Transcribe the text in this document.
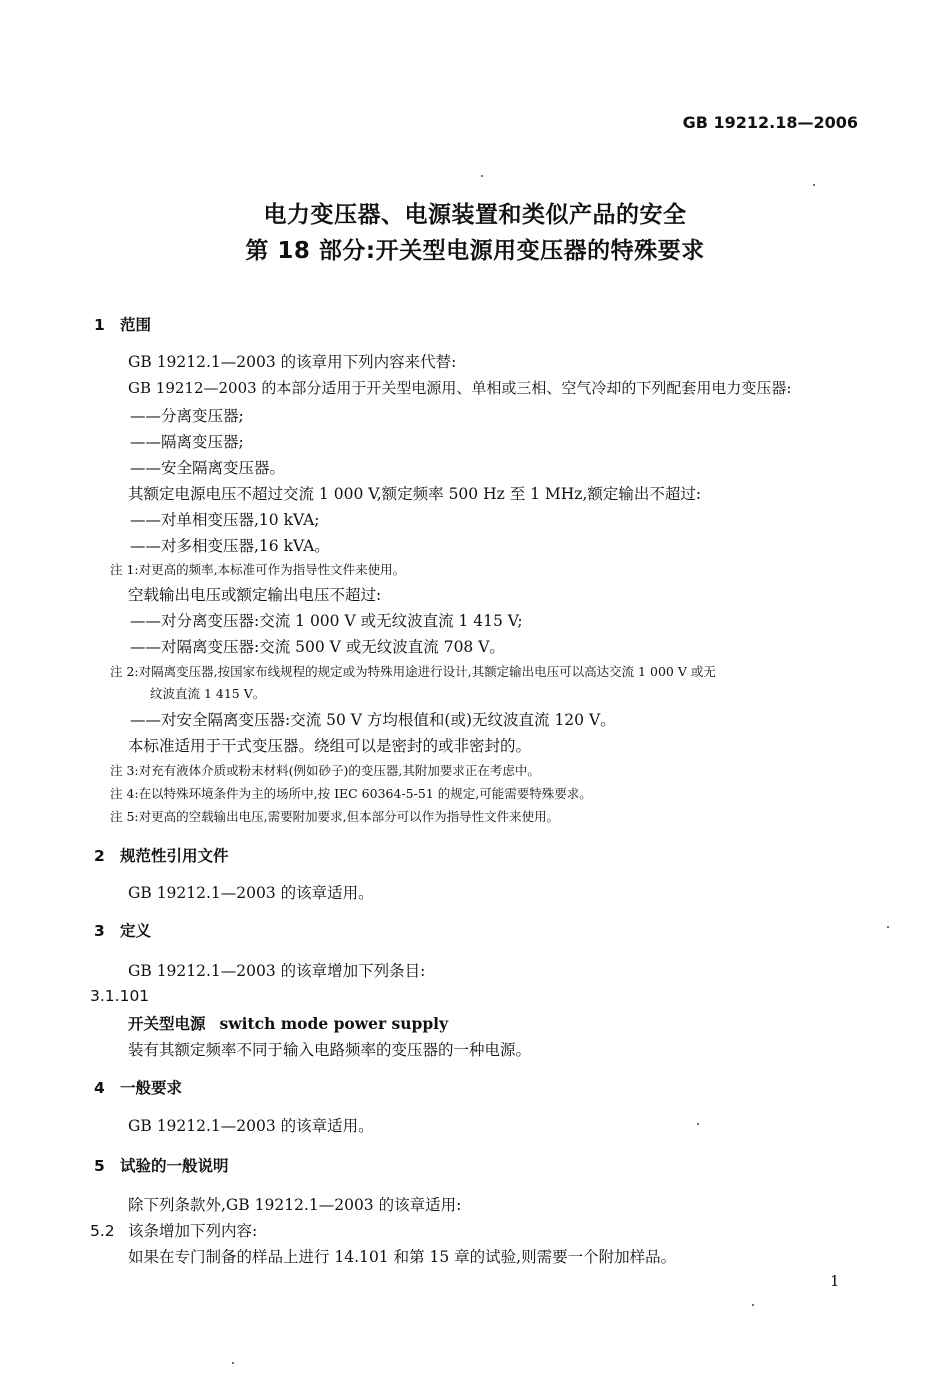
GB 19212.18—2006
电力变压器、电源装置和类似产品的安全
第 18 部分:开关型电源用变压器的特殊要求
1 范围
GB 19212.1—2003 的该章用下列内容来代替:
GB 19212—2003 的本部分适用于开关型电源用、单相或三相、空气冷却的下列配套用电力变压器:
——分离变压器;
——隔离变压器;
——安全隔离变压器。
其额定电源电压不超过交流 1 000 V,额定频率 500 Hz 至 1 MHz,额定输出不超过:
——对单相变压器,10 kVA;
——对多相变压器,16 kVA。
注 1:对更高的频率,本标准可作为指导性文件来使用。
空载输出电压或额定输出电压不超过:
——对分离变压器:交流 1 000 V 或无纹波直流 1 415 V;
——对隔离变压器:交流 500 V 或无纹波直流 708 V。
注 2:对隔离变压器,按国家布线规程的规定或为特殊用途进行设计,其额定输出电压可以高达交流 1 000 V 或无
纹波直流 1 415 V。
——对安全隔离变压器:交流 50 V 方均根值和(或)无纹波直流 120 V。
本标准适用于干式变压器。绕组可以是密封的或非密封的。
注 3:对充有液体介质或粉末材料(例如砂子)的变压器,其附加要求正在考虑中。
注 4:在以特殊环境条件为主的场所中,按 IEC 60364-5-51 的规定,可能需要特殊要求。
注 5:对更高的空载输出电压,需要附加要求,但本部分可以作为指导性文件来使用。
2 规范性引用文件
GB 19212.1—2003 的该章适用。
3 定义
GB 19212.1—2003 的该章增加下列条目:
3.1.101
开关型电源 switch mode power supply
装有其额定频率不同于输入电路频率的变压器的一种电源。
4 一般要求
GB 19212.1—2003 的该章适用。
5 试验的一般说明
除下列条款外,GB 19212.1—2003 的该章适用:
5.2 该条增加下列内容:
如果在专门制备的样品上进行 14.101 和第 15 章的试验,则需要一个附加样品。
1
